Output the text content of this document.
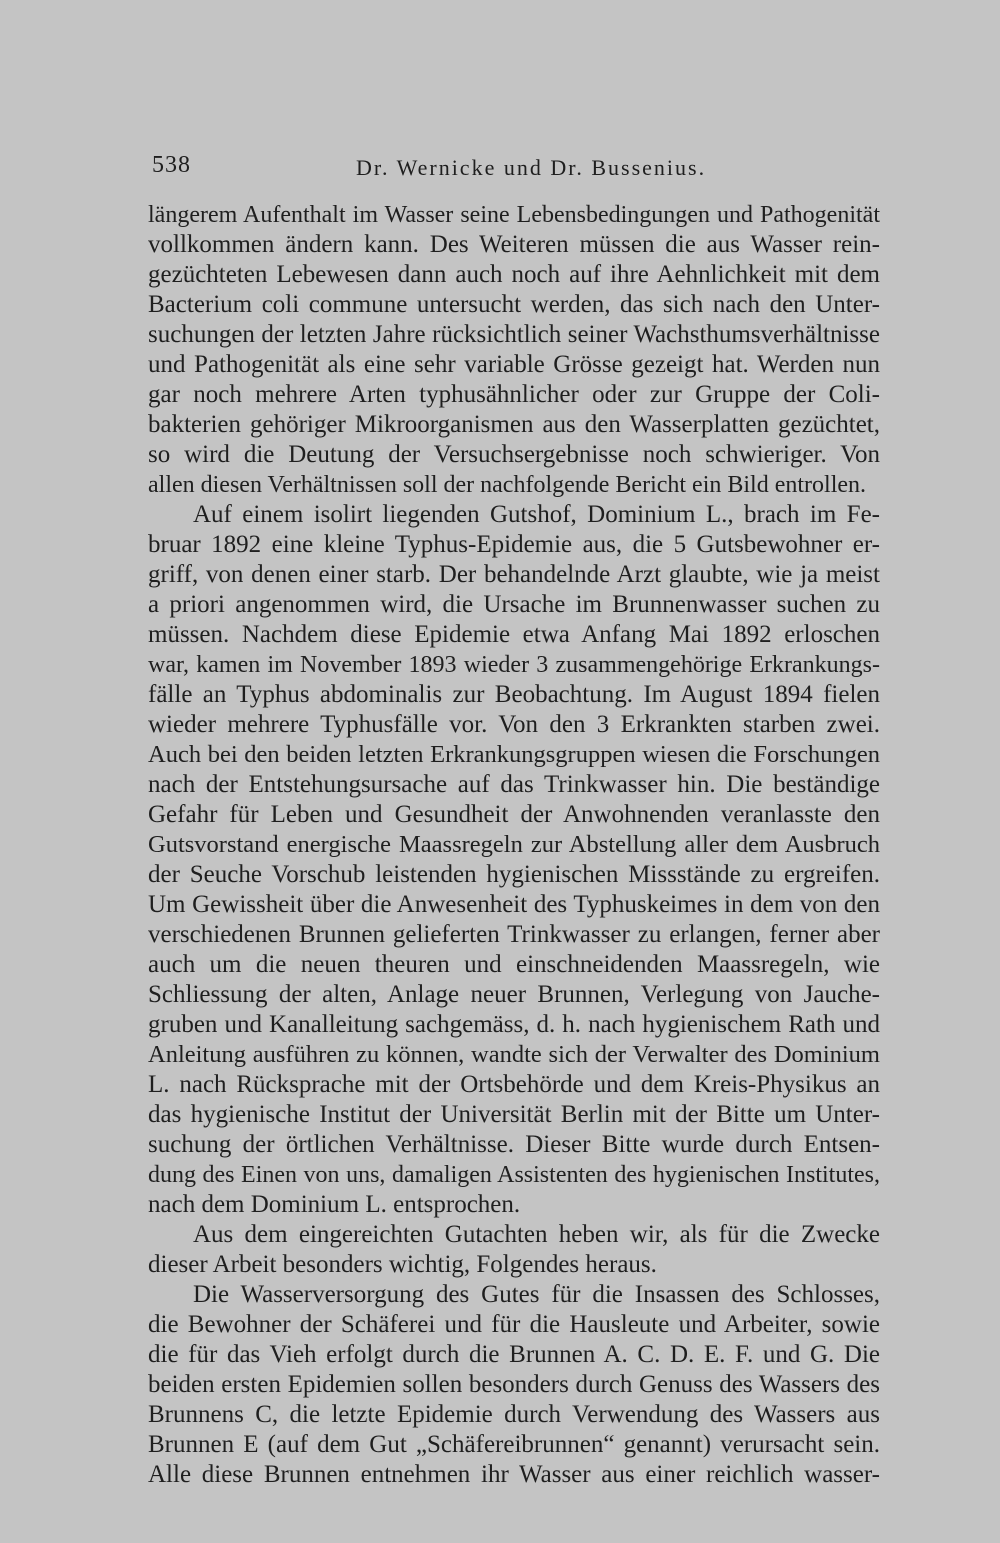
538	Dr. Wernicke und Dr. Bussenius.
längerem Aufenthalt im Wasser seine Lebensbedingungen und Pathogenität
vollkommen ändern kann. Des Weiteren müssen die aus Wasser rein-
gezüchteten Lebewesen dann auch noch auf ihre Aehnlichkeit mit dem
Bacterium coli commune untersucht werden, das sich nach den Unter-
suchungen der letzten Jahre rücksichtlich seiner Wachsthumsverhältnisse
und Pathogenität als eine sehr variable Grösse gezeigt hat. Werden nun
gar noch mehrere Arten typhusähnlicher oder zur Gruppe der Coli-
bakterien gehöriger Mikroorganismen aus den Wasserplatten gezüchtet,
so wird die Deutung der Versuchsergebnisse noch schwieriger. Von
allen diesen Verhältnissen soll der nachfolgende Bericht ein Bild entrollen.
Auf einem isolirt liegenden Gutshof, Dominium L., brach im Fe-
bruar 1892 eine kleine Typhus-Epidemie aus, die 5 Gutsbewohner er-
griff, von denen einer starb. Der behandelnde Arzt glaubte, wie ja meist
a priori angenommen wird, die Ursache im Brunnenwasser suchen zu
müssen. Nachdem diese Epidemie etwa Anfang Mai 1892 erloschen
war, kamen im November 1893 wieder 3 zusammengehörige Erkrankungs-
fälle an Typhus abdominalis zur Beobachtung. Im August 1894 fielen
wieder mehrere Typhusfälle vor. Von den 3 Erkrankten starben zwei.
Auch bei den beiden letzten Erkrankungsgruppen wiesen die Forschungen
nach der Entstehungsursache auf das Trinkwasser hin. Die beständige
Gefahr für Leben und Gesundheit der Anwohnenden veranlasste den
Gutsvorstand energische Maassregeln zur Abstellung aller dem Ausbruch
der Seuche Vorschub leistenden hygienischen Missstände zu ergreifen.
Um Gewissheit über die Anwesenheit des Typhuskeimes in dem von den
verschiedenen Brunnen gelieferten Trinkwasser zu erlangen, ferner aber
auch um die neuen theuren und einschneidenden Maassregeln, wie
Schliessung der alten, Anlage neuer Brunnen, Verlegung von Jauche-
gruben und Kanalleitung sachgemäss, d. h. nach hygienischem Rath und
Anleitung ausführen zu können, wandte sich der Verwalter des Dominium
L. nach Rücksprache mit der Ortsbehörde und dem Kreis-Physikus an
das hygienische Institut der Universität Berlin mit der Bitte um Unter-
suchung der örtlichen Verhältnisse. Dieser Bitte wurde durch Entsen-
dung des Einen von uns, damaligen Assistenten des hygienischen Institutes,
nach dem Dominium L. entsprochen.
Aus dem eingereichten Gutachten heben wir, als für die Zwecke
dieser Arbeit besonders wichtig, Folgendes heraus.
Die Wasserversorgung des Gutes für die Insassen des Schlosses,
die Bewohner der Schäferei und für die Hausleute und Arbeiter, sowie
die für das Vieh erfolgt durch die Brunnen A. C. D. E. F. und G. Die
beiden ersten Epidemien sollen besonders durch Genuss des Wassers des
Brunnens C, die letzte Epidemie durch Verwendung des Wassers aus
Brunnen E (auf dem Gut „Schäfereibrunnen“ genannt) verursacht sein.
Alle diese Brunnen entnehmen ihr Wasser aus einer reichlich wasser-
